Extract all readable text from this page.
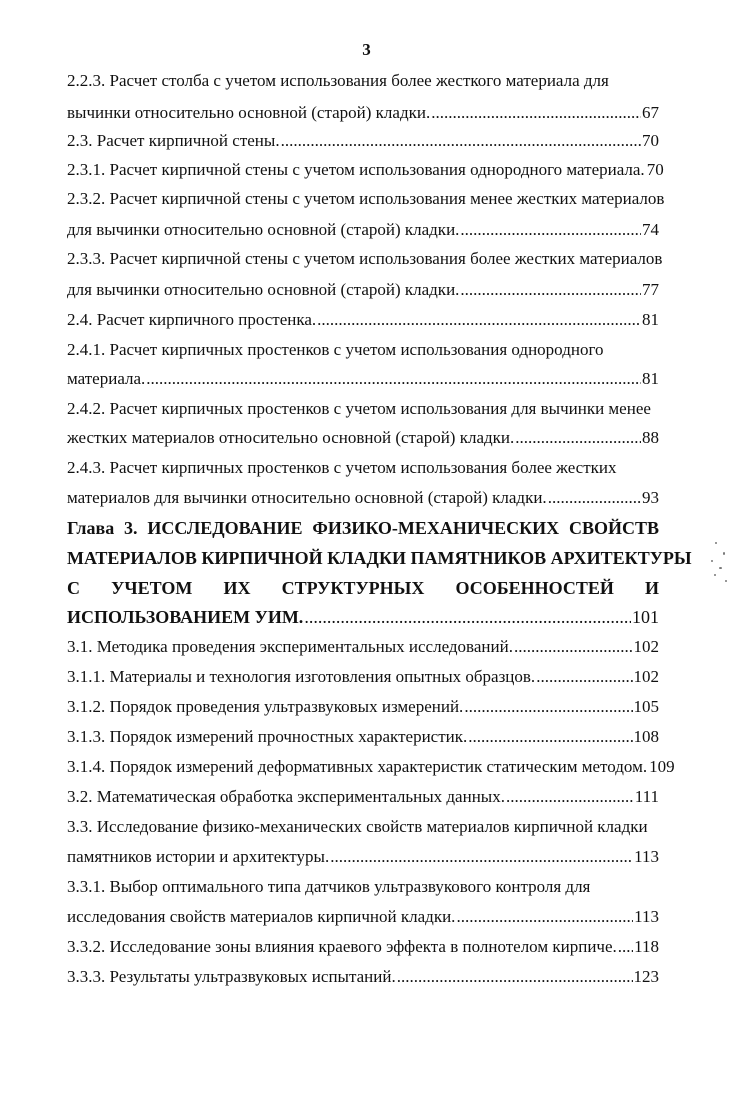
3
2.2.3. Расчет столба с учетом использования более жесткого материала для
вычинки относительно основной (старой) кладки. .....	67
2.3. Расчет кирпичной стены. .....	70
2.3.1. Расчет кирпичной стены с учетом использования однородного материала. 70
2.3.2. Расчет кирпичной стены с учетом использования менее жестких материалов
для вычинки относительно основной (старой) кладки. .....	74
2.3.3. Расчет кирпичной стены с учетом использования более жестких материалов
для вычинки относительно основной (старой) кладки. .....	77
2.4. Расчет кирпичного простенка. .....	81
2.4.1. Расчет кирпичных простенков с учетом использования однородного
материала. .....	81
2.4.2. Расчет кирпичных простенков с учетом использования для вычинки менее
жестких материалов относительно основной (старой) кладки. .....	88
2.4.3. Расчет кирпичных простенков с учетом использования более жестких
материалов для вычинки относительно основной (старой) кладки. .....	93
Глава 3. ИССЛЕДОВАНИЕ ФИЗИКО-МЕХАНИЧЕСКИХ СВОЙСТВ
МАТЕРИАЛОВ КИРПИЧНОЙ КЛАДКИ ПАМЯТНИКОВ АРХИТЕКТУРЫ
С УЧЕТОМ ИХ СТРУКТУРНЫХ ОСОБЕННОСТЕЙ И
ИСПОЛЬЗОВАНИЕМ УИМ. .....	101
3.1. Методика проведения экспериментальных исследований. .....	102
3.1.1. Материалы и технология изготовления опытных образцов. .....	102
3.1.2. Порядок проведения ультразвуковых измерений. .....	105
3.1.3. Порядок измерений прочностных характеристик. .....	108
3.1.4. Порядок измерений деформативных характеристик статическим методом. 109
3.2. Математическая обработка экспериментальных данных. .....	111
3.3. Исследование физико-механических свойств материалов кирпичной кладки
памятников истории и архитектуры. .....	113
3.3.1. Выбор оптимального типа датчиков ультразвукового контроля для
исследования свойств материалов кирпичной кладки. .....	113
3.3.2. Исследование зоны влияния краевого эффекта в полнотелом кирпиче. ..... 118
3.3.3. Результаты ультразвуковых испытаний. .....	123
